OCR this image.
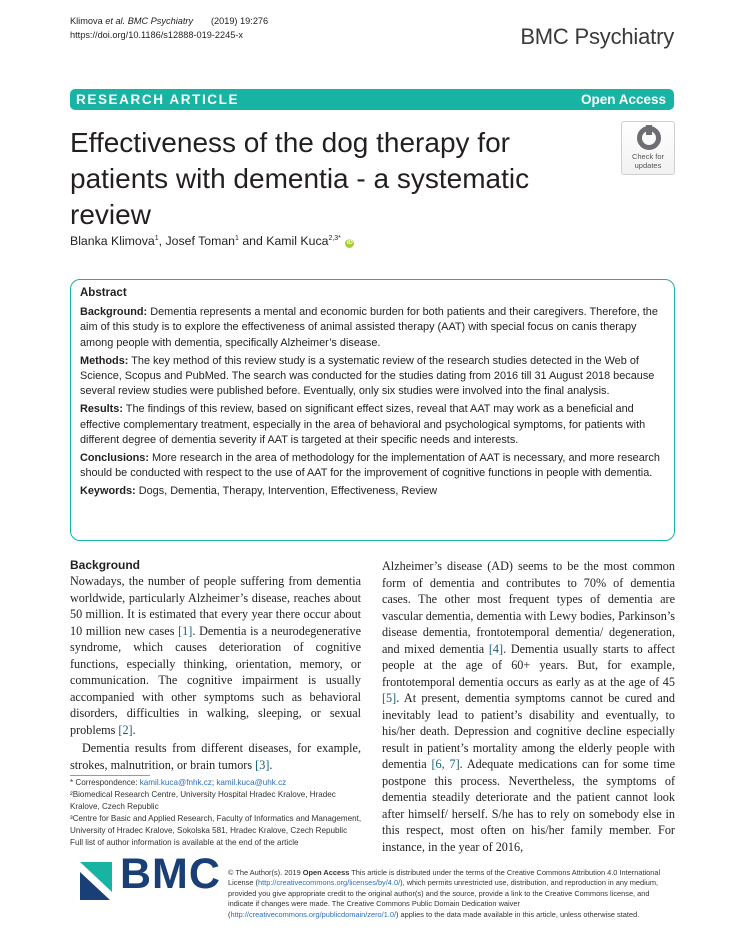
Klimova et al. BMC Psychiatry (2019) 19:276
https://doi.org/10.1186/s12888-019-2245-x	BMC Psychiatry
RESEARCH ARTICLE	Open Access
Effectiveness of the dog therapy for patients with dementia - a systematic review
Check for
updates
Blanka Klimova$^1$, Josef Toman$^1$ and Kamil Kuca$^{2,3*}$ iD
Abstract

Background: Dementia represents a mental and economic burden for both patients and their caregivers. Therefore, the aim of this study is to explore the effectiveness of animal assisted therapy (AAT) with special focus on canis therapy among people with dementia, specifically Alzheimer’s disease.

Methods: The key method of this review study is a systematic review of the research studies detected in the Web of Science, Scopus and PubMed. The search was conducted for the studies dating from 2016 till 31 August 2018 because several review studies were published before. Eventually, only six studies were involved into the final analysis.

Results: The findings of this review, based on significant effect sizes, reveal that AAT may work as a beneficial and effective complementary treatment, especially in the area of behavioral and psychological symptoms, for patients with different degree of dementia severity if AAT is targeted at their specific needs and interests.

Conclusions: More research in the area of methodology for the implementation of AAT is necessary, and more research should be conducted with respect to the use of AAT for the improvement of cognitive functions in people with dementia.

Keywords: Dogs, Dementia, Therapy, Intervention, Effectiveness, Review

Background

Nowadays, the number of people suffering from dementia worldwide, particularly Alzheimer’s disease, reaches about 50 million. It is estimated that every year there occur about 10 million new cases [1]. Dementia is a neurodegenerative syndrome, which causes deterioration of cognitive functions, especially thinking, orientation, memory, or communication. The cognitive impairment is usually accompanied with other symptoms such as behavioral disorders, difficulties in walking, sleeping, or sexual problems [2].

Dementia results from different diseases, for example, strokes, malnutrition, or brain tumors [3].

Alzheimer’s disease (AD) seems to be the most common form of dementia and contributes to 70% of dementia cases. The other most frequent types of dementia are vascular dementia, dementia with Lewy bodies, Parkinson’s disease dementia, frontotemporal dementia/ degeneration, and mixed dementia [4]. Dementia usually starts to affect people at the age of 60+ years. But, for example, frontotemporal dementia occurs as early as at the age of 45 [5]. At present, dementia symptoms cannot be cured and inevitably lead to patient’s disability and eventually, to his/her death. Depression and cognitive decline especially result in patient’s mortality among the elderly people with dementia [6, 7]. Adequate medications can for some time postpone this process. Nevertheless, the symptoms of dementia steadily deteriorate and the patient cannot look after himself/ herself. S/he has to rely on somebody else in this respect, most often on his/her family member. For instance, in the year of 2016,

* Correspondence: kamil.kuca@fnhk.cz; kamil.kuca@uhk.cz
²Biomedical Research Centre, University Hospital Hradec Kralove, Hradec Kralove, Czech Republic
³Centre for Basic and Applied Research, Faculty of Informatics and Management, University of Hradec Kralove, Sokolska 581, Hradec Kralove, Czech Republic
Full list of author information is available at the end of the article
BMC © The Author(s). 2019 Open Access This article is distributed under the terms of the Creative Commons Attribution 4.0 International License (http://creativecommons.org/licenses/by/4.0/), which permits unrestricted use, distribution, and reproduction in any medium, provided you give appropriate credit to the original author(s) and the source, provide a link to the Creative Commons license, and indicate if changes were made. The Creative Commons Public Domain Dedication waiver (http://creativecommons.org/publicdomain/zero/1.0/) applies to the data made available in this article, unless otherwise stated.
